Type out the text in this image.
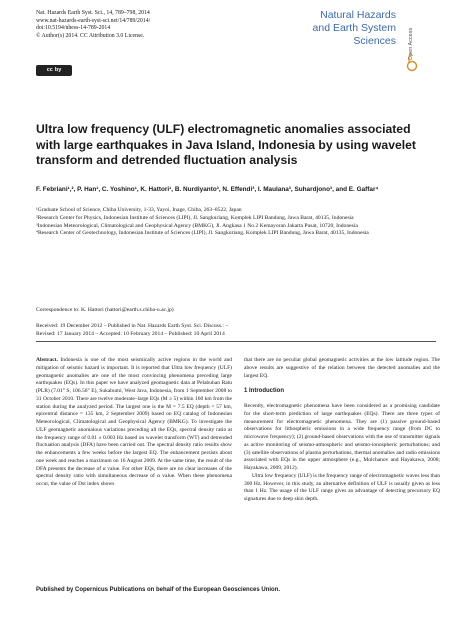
Nat. Hazards Earth Syst. Sci., 14, 789–798, 2014
www.nat-hazards-earth-syst-sci.net/14/789/2014/
doi:10.5194/nhess-14-789-2014
© Author(s) 2014. CC Attribution 3.0 License.
cc by
Natural Hazards
and Earth System
Sciences Open Access
Ultra low frequency (ULF) electromagnetic anomalies associated with large earthquakes in Java Island, Indonesia by using wavelet transform and detrended fluctuation analysis
F. Febriani¹,², P. Han¹, C. Yoshino¹, K. Hattori¹, B. Nurdiyanto³, N. Effendi³, I. Maulana³, Suhardjono³, and E. Gaffar⁴

¹Graduate School of Science, Chiba University, 1-33, Yayoi, Inage, Chiba, 263–8522, Japan

²Research Center for Physics, Indonesian Institute of Sciences (LIPI), Jl. Sangkuriang, Komplek LIPI Bandung, Jawa Barat, 40135, Indonesia

³Indonesian Meteorological, Climatological and Geophysical Agency (BMKG), Jl. Angkasa 1 No.2 Kemayoran Jakarta Pusat, 10720, Indonesia

⁴Research Center of Geotechnology, Indonesian Institute of Sciences (LIPI), Jl. Sangkuriang, Komplek LIPI Bandung, Jawa Barat, 40135, Indonesia

Correspondence to: K. Hattori (hattori@earth.s.chiba-u.ac.jp)
Received: 19 December 2012 – Published in Nat. Hazards Earth Syst. Sci. Discuss.: –
Revised: 17 January 2014 – Accepted: 10 February 2014 – Published: 10 April 2014

Abstract. Indonesia is one of the most seismically active regions in the world and mitigation of seismic hazard is important. It is reported that Ultra low frequency (ULF) geomagnetic anomalies are one of the most convincing phenomena preceding large earthquakes (EQs). In this paper we have analyzed geomagnetic data at Pelabuhan Ratu (PLR) (7.01° S, 106.56° E), Sukabumi, West Java, Indonesia, from 1 September 2008 to 31 October 2010. There are twelve moderate–large EQs (M ≥ 5) within 160 km from the station during the analyzed period. The largest one is the M = 7.5 EQ (depth = 57 km, epicentral distance = 135 km, 2 September 2009) based on EQ catalog of Indonesian Meteorological, Climatological and Geophysical Agency (BMKG). To investigate the ULF geomagnetic anomalous variations preceding all the EQs, spectral density ratio at the frequency range of 0.01 ± 0.003 Hz based on wavelet transform (WT) and detrended fluctuation analysis (DFA) have been carried out. The spectral density ratio results show the enhancements a few weeks before the largest EQ. The enhancement persists about one week and reaches a maximum on 16 August 2009. At the same time, the result of the DFA presents the decrease of α value. For other EQs, there are no clear increases of the spectral density ratio with simultaneous decrease of α value. When these phenomena occur, the value of Dst index shows

that there are no peculiar global geomagnetic activities at the low latitude region. The above results are suggestive of the relation between the detected anomalies and the largest EQ.

1 Introduction

Recently, electromagnetic phenomena have been considered as a promising candidate for the short-term prediction of large earthquakes (EQs). There are three types of measurement for electromagnetic phenomena. They are (1) passive ground-based observations for lithospheric emissions in a wide frequency range (from DC to microwave frequency); (2) ground-based observations with the use of transmitter signals as active monitoring of seismo-atmospheric and seismo-ionospheric perturbations; and (3) satellite observations of plasma perturbations, thermal anomalies and radio emissions associated with EQs in the upper atmosphere (e.g., Molchanov and Hayakawa, 2008; Hayakawa, 2009, 2012).

Ultra low frequency (ULF) is the frequency range of electromagnetic waves less than 300 Hz. However, in this study, an alternative definition of ULF is usually given as less than 1 Hz. The usage of the ULF range gives an advantage of detecting precursory EQ signatures due to deep skin depth.

Published by Copernicus Publications on behalf of the European Geosciences Union.
